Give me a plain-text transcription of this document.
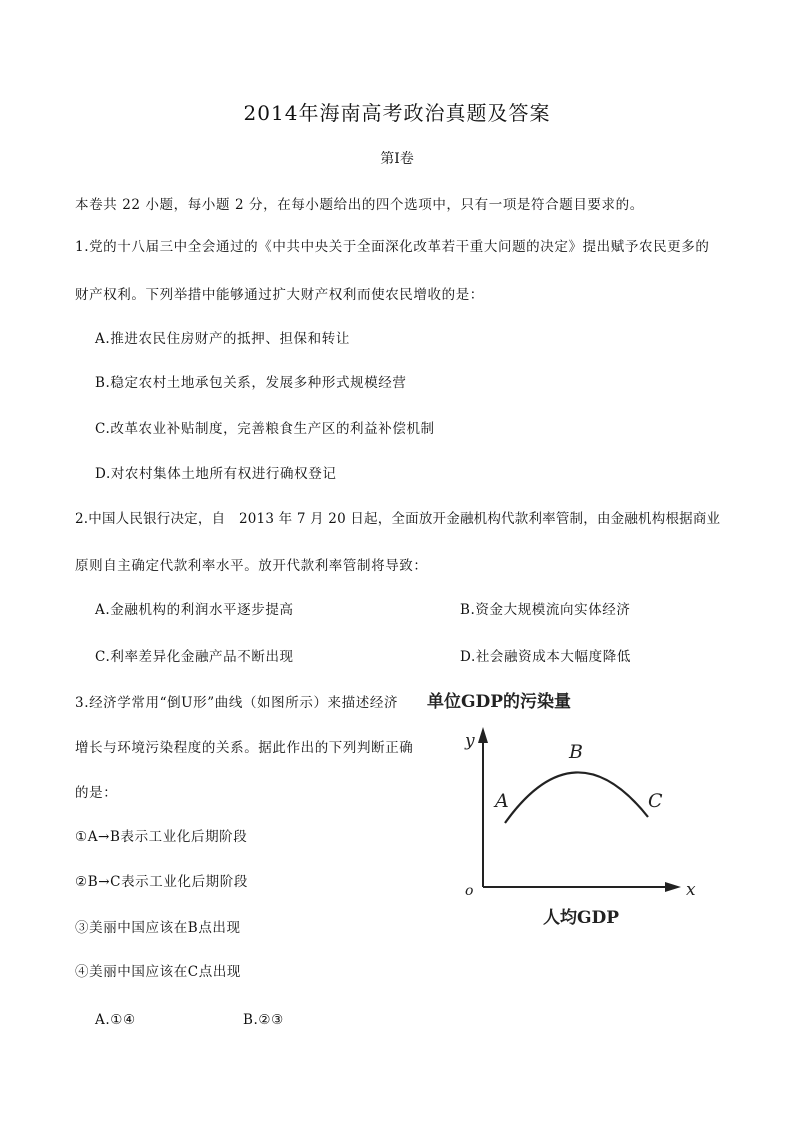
2014年海南高考政治真题及答案
第I卷
本卷共 22 小题，每小题 2 分，在每小题给出的四个选项中，只有一项是符合题目要求的。
1.党的十八届三中全会通过的《中共中央关于全面深化改革若干重大问题的决定》提出赋予农民更多的
财产权利。下列举措中能够通过扩大财产权利而使农民增收的是：
A.推进农民住房财产的抵押、担保和转让
B.稳定农村土地承包关系，发展多种形式规模经营
C.改革农业补贴制度，完善粮食生产区的利益补偿机制
D.对农村集体土地所有权进行确权登记
2.中国人民银行决定，自　2013 年 7 月 20 日起，全面放开金融机构代款利率管制，由金融机构根据商业
原则自主确定代款利率水平。放开代款利率管制将导致：
A.金融机构的利润水平逐步提高	B.资金大规模流向实体经济
C.利率差异化金融产品不断出现	D.社会融资成本大幅度降低
3.经济学常用“倒U形”曲线（如图所示）来描述经济
增长与环境污染程度的关系。据此作出的下列判断正确
的是：
①A→B表示工业化后期阶段
②B→C表示工业化后期阶段
③美丽中国应该在B点出现
④美丽中国应该在C点出现
A.①④	B.②③
单位GDP的污染量
y
x
o
A
B
C
人均GDP
